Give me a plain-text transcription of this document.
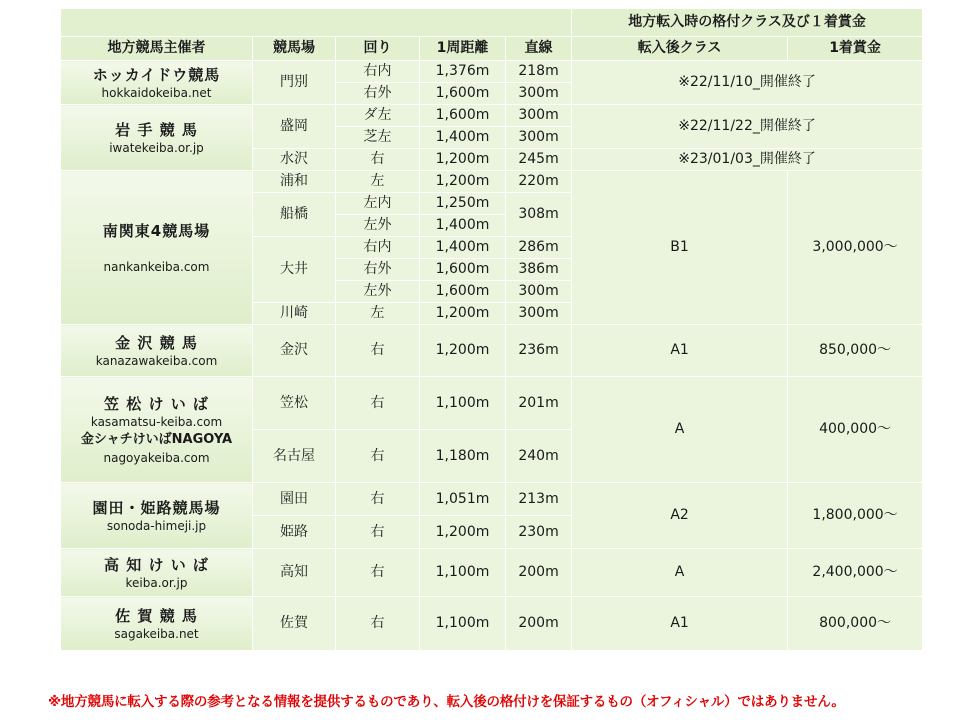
					地方転入時の格付クラス及び１着賞金	
地方競馬主催者	競馬場	回り	1周距離	直線	転入後クラス	1着賞金

ホッカイドウ競馬
hokkaidokeiba.net	門別	右内	1,376m	218m	※22/11/10_開催終了	
		右外	1,600m	300m		

岩 手 競 馬
iwatekeiba.or.jp	盛岡	ダ左	1,600m	300m	※22/11/22_開催終了	
		芝左	1,400m	300m		
	水沢	右	1,200m	245m	※23/01/03_開催終了	

南関東4競馬場
nankankeiba.com	浦和	左	1,200m	220m	B1	3,000,000～
	船橋	左内	1,250m	308m		
		左外	1,400m			
	大井	右内	1,400m	286m		
		右外	1,600m	386m		
		左外	1,600m	300m		
	川崎	左	1,200m	300m		

金 沢 競 馬
kanazawakeiba.com	金沢	右	1,200m	236m	A1	850,000～

笠 松 け い ば
kasamatsu-keiba.com
金シャチけいばNAGOYA
nagoyakeiba.com	笠松	右	1,100m	201m	A	400,000～
	名古屋	右	1,180m	240m		

園田・姫路競馬場
sonoda-himeji.jp	園田	右	1,051m	213m	A2	1,800,000～
	姫路	右	1,200m	230m		

高 知 け い ば
keiba.or.jp	高知	右	1,100m	200m	A	2,400,000～

佐 賀 競 馬
sagakeiba.net	佐賀	右	1,100m	200m	A1	800,000～
※地方競馬に転入する際の参考となる情報を提供するものであり、転入後の格付けを保証するもの（オフィシャル）ではありません。
